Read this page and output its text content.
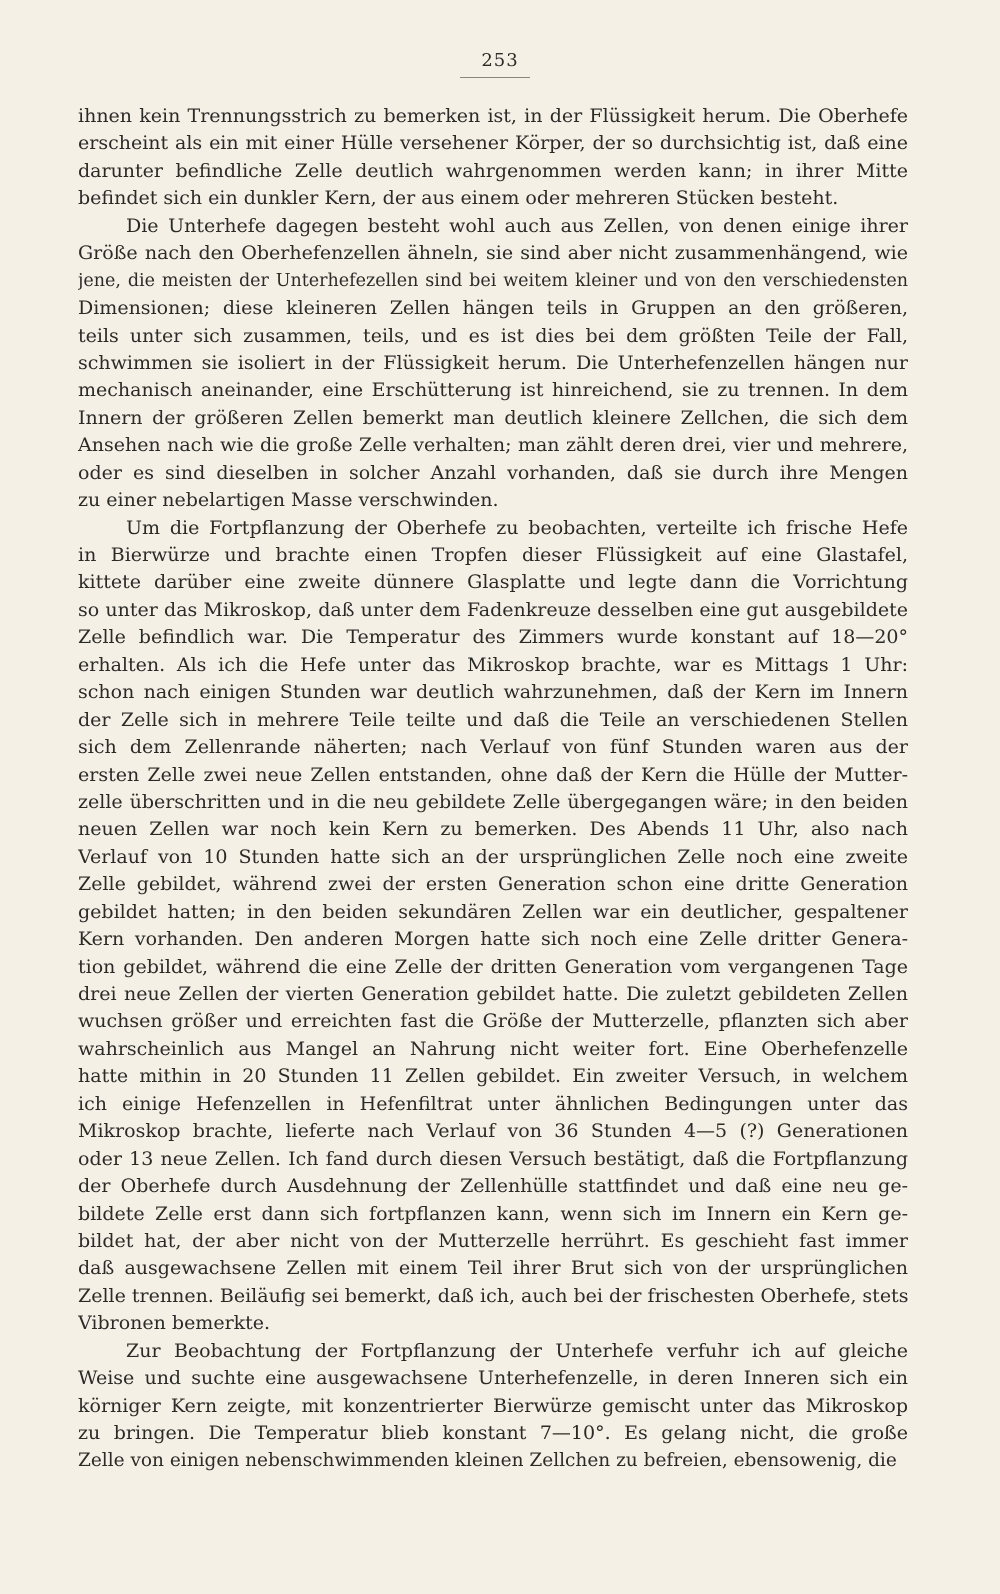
253
ihnen kein Trennungsstrich zu bemerken ist, in der Flüssigkeit herum. Die Oberhefe
erscheint als ein mit einer Hülle versehener Körper, der so durchsichtig ist, daß eine
darunter befindliche Zelle deutlich wahrgenommen werden kann; in ihrer Mitte
befindet sich ein dunkler Kern, der aus einem oder mehreren Stücken besteht.
Die Unterhefe dagegen besteht wohl auch aus Zellen, von denen einige ihrer
Größe nach den Oberhefenzellen ähneln, sie sind aber nicht zusammenhängend, wie
jene, die meisten der Unterhefezellen sind bei weitem kleiner und von den verschiedensten
Dimensionen; diese kleineren Zellen hängen teils in Gruppen an den größeren,
teils unter sich zusammen, teils, und es ist dies bei dem größten Teile der Fall,
schwimmen sie isoliert in der Flüssigkeit herum. Die Unterhefenzellen hängen nur
mechanisch aneinander, eine Erschütterung ist hinreichend, sie zu trennen. In dem
Innern der größeren Zellen bemerkt man deutlich kleinere Zellchen, die sich dem
Ansehen nach wie die große Zelle verhalten; man zählt deren drei, vier und mehrere,
oder es sind dieselben in solcher Anzahl vorhanden, daß sie durch ihre Mengen
zu einer nebelartigen Masse verschwinden.
Um die Fortpflanzung der Oberhefe zu beobachten, verteilte ich frische Hefe
in Bierwürze und brachte einen Tropfen dieser Flüssigkeit auf eine Glastafel,
kittete darüber eine zweite dünnere Glasplatte und legte dann die Vorrichtung
so unter das Mikroskop, daß unter dem Fadenkreuze desselben eine gut ausgebildete
Zelle befindlich war. Die Temperatur des Zimmers wurde konstant auf 18—20°
erhalten. Als ich die Hefe unter das Mikroskop brachte, war es Mittags 1 Uhr:
schon nach einigen Stunden war deutlich wahrzunehmen, daß der Kern im Innern
der Zelle sich in mehrere Teile teilte und daß die Teile an verschiedenen Stellen
sich dem Zellenrande näherten; nach Verlauf von fünf Stunden waren aus der
ersten Zelle zwei neue Zellen entstanden, ohne daß der Kern die Hülle der Mutter-
zelle überschritten und in die neu gebildete Zelle übergegangen wäre; in den beiden
neuen Zellen war noch kein Kern zu bemerken. Des Abends 11 Uhr, also nach
Verlauf von 10 Stunden hatte sich an der ursprünglichen Zelle noch eine zweite
Zelle gebildet, während zwei der ersten Generation schon eine dritte Generation
gebildet hatten; in den beiden sekundären Zellen war ein deutlicher, gespaltener
Kern vorhanden. Den anderen Morgen hatte sich noch eine Zelle dritter Genera-
tion gebildet, während die eine Zelle der dritten Generation vom vergangenen Tage
drei neue Zellen der vierten Generation gebildet hatte. Die zuletzt gebildeten Zellen
wuchsen größer und erreichten fast die Größe der Mutterzelle, pflanzten sich aber
wahrscheinlich aus Mangel an Nahrung nicht weiter fort. Eine Oberhefenzelle
hatte mithin in 20 Stunden 11 Zellen gebildet. Ein zweiter Versuch, in welchem
ich einige Hefenzellen in Hefenfiltrat unter ähnlichen Bedingungen unter das
Mikroskop brachte, lieferte nach Verlauf von 36 Stunden 4—5 (?) Generationen
oder 13 neue Zellen. Ich fand durch diesen Versuch bestätigt, daß die Fortpflanzung
der Oberhefe durch Ausdehnung der Zellenhülle stattfindet und daß eine neu ge-
bildete Zelle erst dann sich fortpflanzen kann, wenn sich im Innern ein Kern ge-
bildet hat, der aber nicht von der Mutterzelle herrührt. Es geschieht fast immer
daß ausgewachsene Zellen mit einem Teil ihrer Brut sich von der ursprünglichen
Zelle trennen. Beiläufig sei bemerkt, daß ich, auch bei der frischesten Oberhefe, stets
Vibronen bemerkte.
Zur Beobachtung der Fortpflanzung der Unterhefe verfuhr ich auf gleiche
Weise und suchte eine ausgewachsene Unterhefenzelle, in deren Inneren sich ein
körniger Kern zeigte, mit konzentrierter Bierwürze gemischt unter das Mikroskop
zu bringen. Die Temperatur blieb konstant 7—10°. Es gelang nicht, die große
Zelle von einigen nebenschwimmenden kleinen Zellchen zu befreien, ebensowenig, die
